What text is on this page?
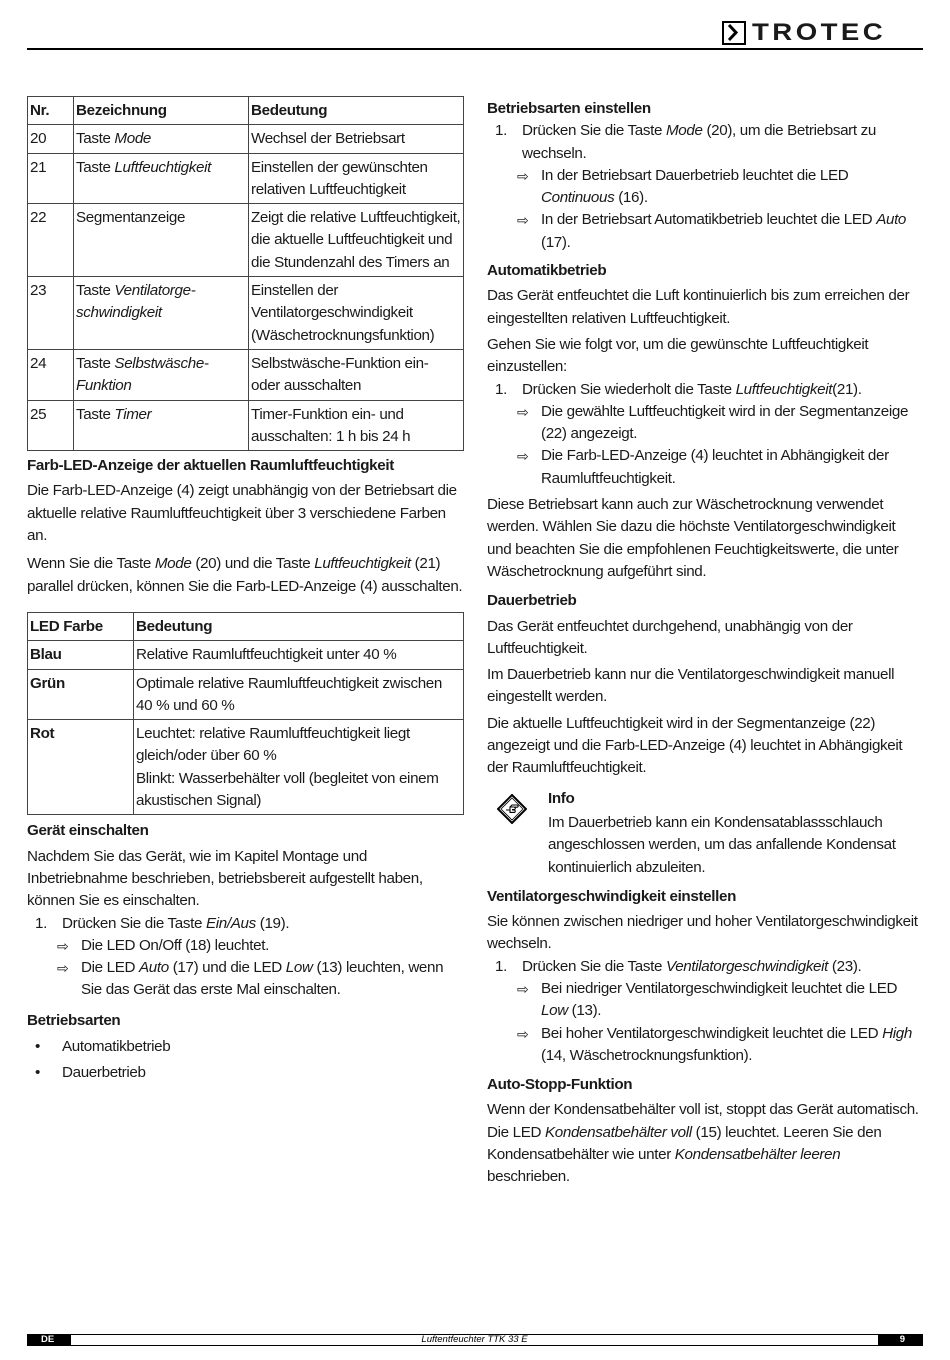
TROTEC
Nr.	Bezeichnung	Bedeutung
20	Taste Mode	Wechsel der Betriebsart
21	Taste Luftfeuchtigkeit	Einstellen der gewünschten relativen Luftfeuchtigkeit
22	Segmentanzeige	Zeigt die relative Luftfeuchtigkeit, die aktuelle Luftfeuchtigkeit und die Stundenzahl des Timers an
23	Taste Ventilatorge-schwindigkeit	Einstellen der Ventilatorgeschwindigkeit (Wäschetrocknungsfunktion)
24	Taste Selbstwäsche-Funktion	Selbstwäsche-Funktion ein- oder ausschalten
25	Taste Timer	Timer-Funktion ein- und ausschalten: 1 h bis 24 h
Farb-LED-Anzeige der aktuellen Raumluftfeuchtigkeit

Die Farb-LED-Anzeige (4) zeigt unabhängig von der Betriebsart die aktuelle relative Raumluftfeuchtigkeit über 3 verschiedene Farben an.

Wenn Sie die Taste Mode (20) und die Taste Luftfeuchtigkeit (21) parallel drücken, können Sie die Farb-LED-Anzeige (4) ausschalten.

LED Farbe	Bedeutung
Blau	Relative Raumluftfeuchtigkeit unter 40 %
Grün	Optimale relative Raumluftfeuchtigkeit zwischen 40 % und 60 %
Rot	Leuchtet: relative Raumluftfeuchtigkeit liegt gleich/oder über 60 %
Blinkt: Wasserbehälter voll (begleitet von einem akustischen Signal)
Gerät einschalten

Nachdem Sie das Gerät, wie im Kapitel Montage und Inbetriebnahme beschrieben, betriebsbereit aufgestellt haben, können Sie es einschalten.

1. Drücken Sie die Taste Ein/Aus (19).
⇨ Die LED On/Off (18) leuchtet.
⇨ Die LED Auto (17) und die LED Low (13) leuchten, wenn Sie das Gerät das erste Mal einschalten.
Betriebsarten
• Automatikbetrieb
• Dauerbetrieb
Betriebsarten einstellen
1. Drücken Sie die Taste Mode (20), um die Betriebsart zu wechseln.
⇨ In der Betriebsart Dauerbetrieb leuchtet die LED Continuous (16).
⇨ In der Betriebsart Automatikbetrieb leuchtet die LED Auto (17).
Automatikbetrieb

Das Gerät entfeuchtet die Luft kontinuierlich bis zum erreichen der eingestellten relativen Luftfeuchtigkeit.

Gehen Sie wie folgt vor, um die gewünschte Luftfeuchtigkeit einzustellen:

1. Drücken Sie wiederholt die Taste Luftfeuchtigkeit(21).
⇨ Die gewählte Luftfeuchtigkeit wird in der Segmentanzeige (22) angezeigt.
⇨ Die Farb-LED-Anzeige (4) leuchtet in Abhängigkeit der Raumluftfeuchtigkeit.

Diese Betriebsart kann auch zur Wäschetrocknung verwendet werden. Wählen Sie dazu die höchste Ventilatorgeschwindigkeit und beachten Sie die empfohlenen Feuchtigkeitswerte, die unter Wäschetrocknung aufgeführt sind.

Dauerbetrieb

Das Gerät entfeuchtet durchgehend, unabhängig von der Luftfeuchtigkeit.

Im Dauerbetrieb kann nur die Ventilatorgeschwindigkeit manuell eingestellt werden.

Die aktuelle Luftfeuchtigkeit wird in der Segmentanzeige (22) angezeigt und die Farb-LED-Anzeige (4) leuchtet in Abhängigkeit der Raumluftfeuchtigkeit.

Info

Im Dauerbetrieb kann ein Kondensatablassschlauch angeschlossen werden, um das anfallende Kondensat kontinuierlich abzuleiten.

Ventilatorgeschwindigkeit einstellen

Sie können zwischen niedriger und hoher Ventilatorgeschwindigkeit wechseln.

1. Drücken Sie die Taste Ventilatorgeschwindigkeit (23).
⇨ Bei niedriger Ventilatorgeschwindigkeit leuchtet die LED  Low (13).
⇨ Bei hoher Ventilatorgeschwindigkeit leuchtet die LED High (14, Wäschetrocknungsfunktion).
Auto-Stopp-Funktion

Wenn der Kondensatbehälter voll ist, stoppt das Gerät automatisch. Die LED Kondensatbehälter voll (15) leuchtet. Leeren Sie den Kondensatbehälter wie unter Kondensatbehälter leeren beschrieben.

DE	Luftentfeuchter TTK 33 E	9
